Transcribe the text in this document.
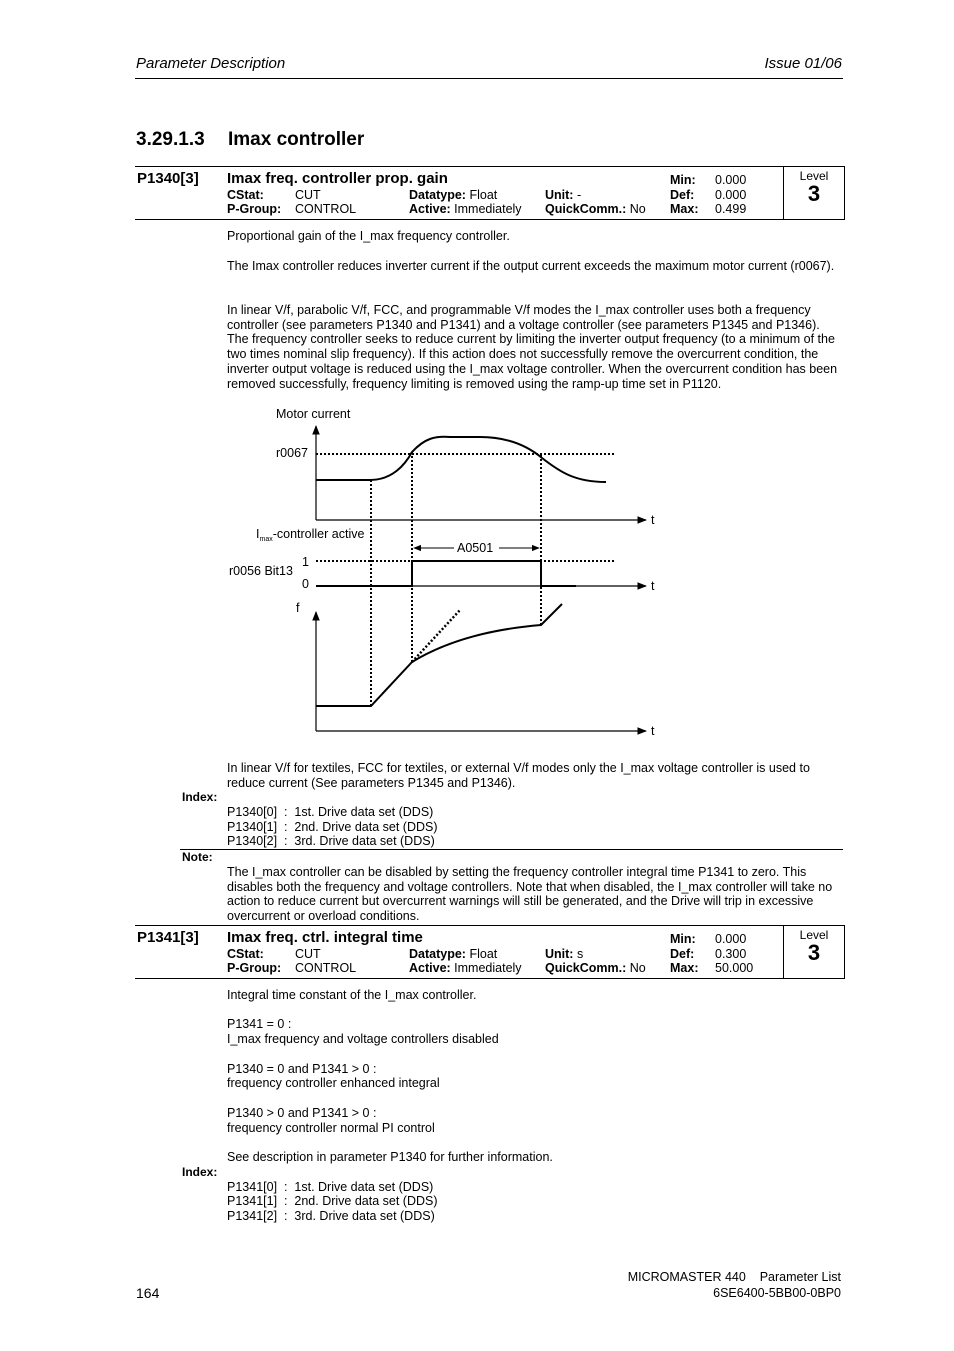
Parameter Description	Issue 01/06
3.29.1.3 Imax controller
P1340[3] Imax freq. controller prop. gain
CStat: CUT
P-Group: CONTROL
Datatype: Float
Active: Immediately
Unit: -
QuickComm.: No
Min: 0.000
Def: 0.000
Max: 0.499
Level
3
Proportional gain of the I_max frequency controller.
The Imax controller reduces inverter current if the output current exceeds the maximum motor current (r0067).
In linear V/f, parabolic V/f, FCC, and programmable V/f modes the I_max controller uses both a frequency controller (see parameters P1340 and P1341) and a voltage controller (see parameters P1345 and P1346). The frequency controller seeks to reduce current by limiting the inverter output frequency (to a minimum of the two times nominal slip frequency). If this action does not successfully remove the overcurrent condition, the inverter output voltage is reduced using the I_max voltage controller. When the overcurrent condition has been removed successfully, frequency limiting is removed using the ramp-up time set in P1120.
Motor current
r0067
t
$I_{max}$-controller active
A0501
r0056 Bit13
1
0	t
f
t
In linear V/f for textiles, FCC for textiles, or external V/f modes only the I_max voltage controller is used to reduce current (See parameters P1345 and P1346).
Index:
P1340[0]  :  1st. Drive data set (DDS)
P1340[1]  :  2nd. Drive data set (DDS)
P1340[2]  :  3rd. Drive data set (DDS)
Note:
The I_max controller can be disabled by setting the frequency controller integral time P1341 to zero. This disables both the frequency and voltage controllers. Note that when disabled, the I_max controller will take no action to reduce current but overcurrent warnings will still be generated, and the Drive will trip in excessive overcurrent or overload conditions.
P1341[3] Imax freq. ctrl. integral time
CStat: CUT
P-Group: CONTROL
Datatype: Float
Active: Immediately
Unit: s
QuickComm.: No
Min: 0.000
Def: 0.300
Max: 50.000
Level
3
Integral time constant of the I_max controller.
P1341 = 0 :
I_max frequency and voltage controllers disabled
P1340 = 0 and P1341 > 0 :
frequency controller enhanced integral
P1340 > 0 and P1341 > 0 :
frequency controller normal PI control
See description in parameter P1340 for further information.
Index:
P1341[0]  :  1st. Drive data set (DDS)
P1341[1]  :  2nd. Drive data set (DDS)
P1341[2]  :  3rd. Drive data set (DDS)
164
MICROMASTER 440    Parameter List
6SE6400-5BB00-0BP0
